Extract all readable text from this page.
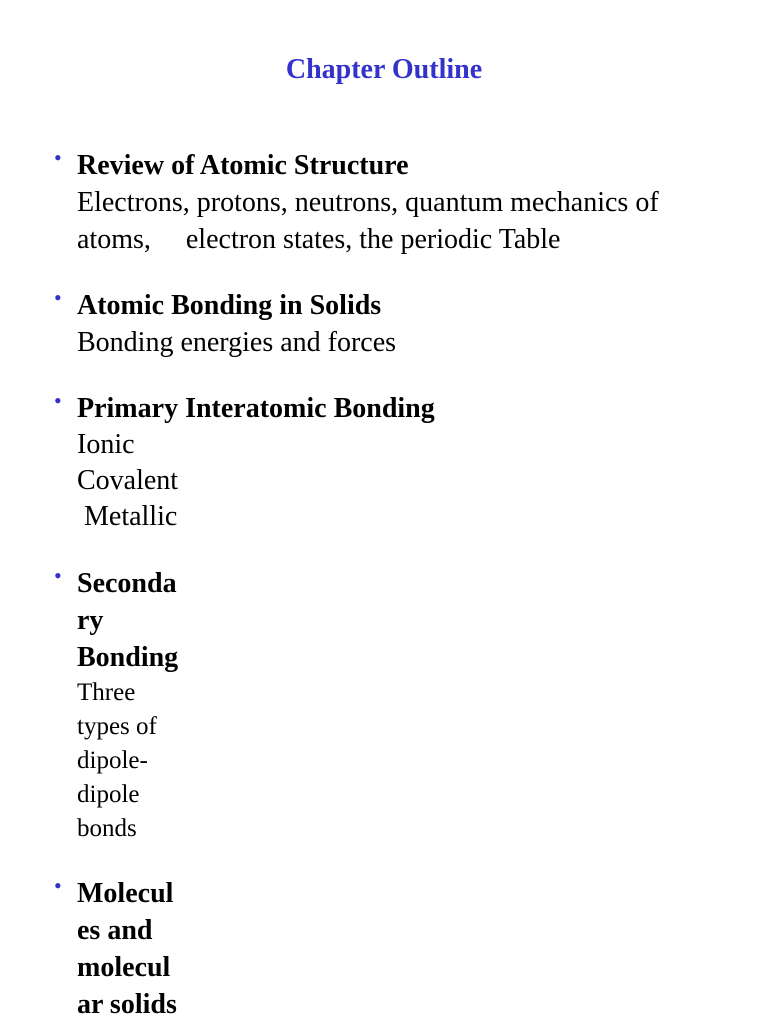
Chapter Outline
• Review of Atomic Structure
Electrons, protons, neutrons, quantum mechanics of
atoms,     electron states, the periodic Table
• Atomic Bonding in Solids
Bonding energies and forces
• Primary Interatomic Bonding
Ionic
Covalent
Metallic
• Seconda
ry
Bonding
Three
types of
dipole-
dipole
bonds
• Molecul
es and
molecul
ar solids
